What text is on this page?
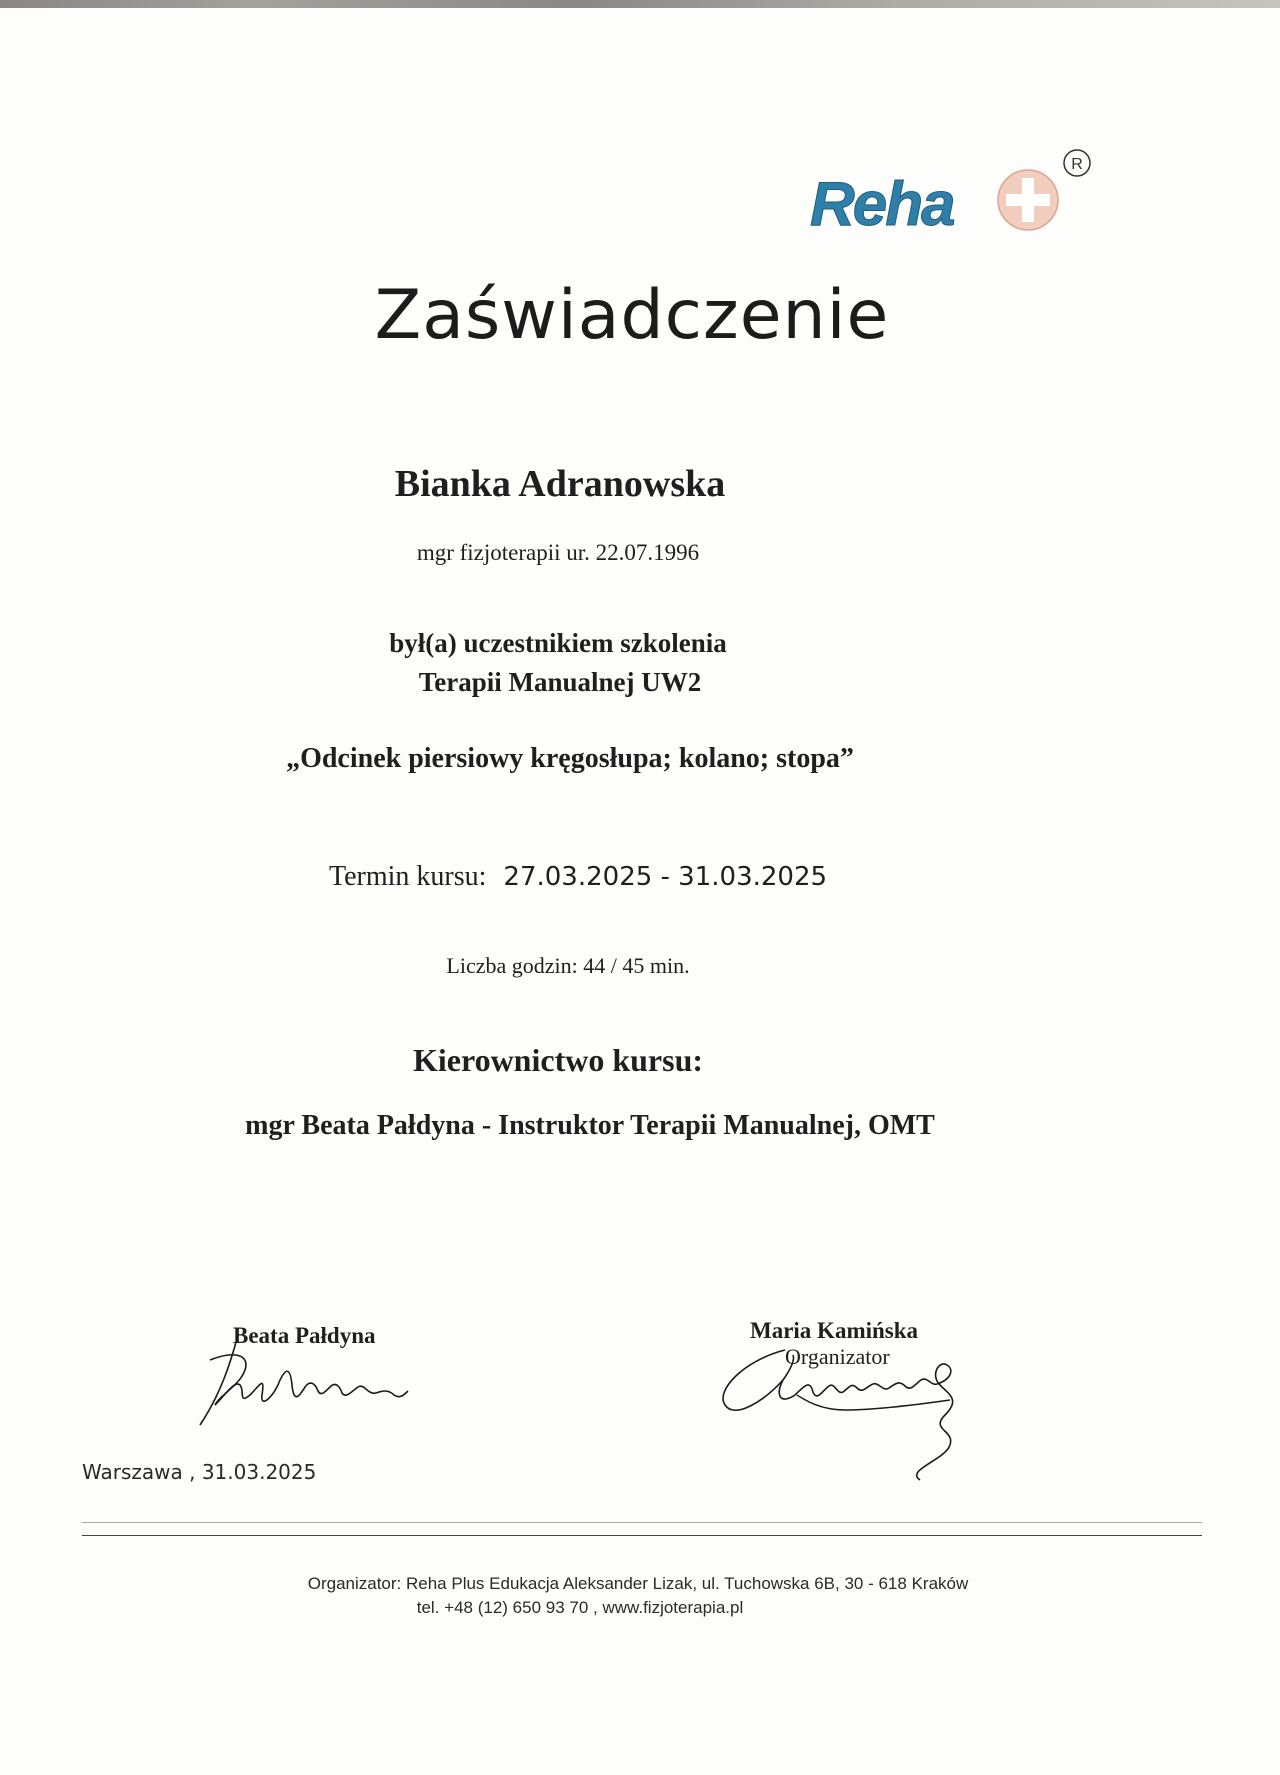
Reha
R
Zaświadczenie
Bianka Adranowska
mgr fizjoterapii ur. 22.07.1996
był(a) uczestnikiem szkolenia
Terapii Manualnej UW2
„Odcinek piersiowy kręgosłupa; kolano; stopa”
Termin kursu: 27.03.2025 - 31.03.2025
Liczba godzin: 44 / 45 min.
Kierownictwo kursu:
mgr Beata Pałdyna - Instruktor Terapii Manualnej, OMT
Beata Pałdyna	Maria Kamińska
Organizator
Warszawa , 31.03.2025
Organizator: Reha Plus Edukacja Aleksander Lizak, ul. Tuchowska 6B, 30 - 618 Kraków
tel. +48 (12) 650 93 70 , www.fizjoterapia.pl
